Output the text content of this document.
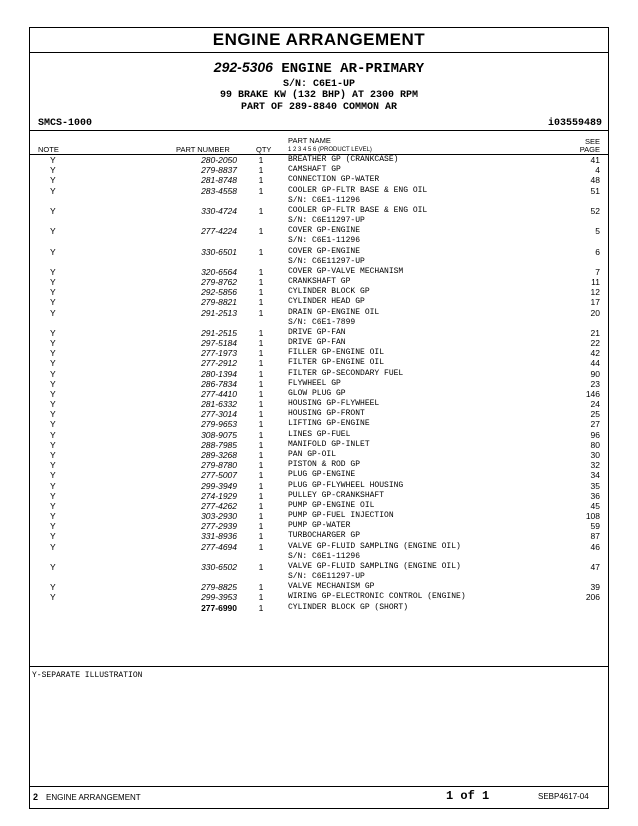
ENGINE ARRANGEMENT
292-5306 ENGINE AR-PRIMARY
S/N: C6E1-UP
99 BRAKE KW (132 BHP) AT 2300 RPM
PART OF 289-8840 COMMON AR
SMCS-1000	i03559489
NOTE	PART NUMBER	QTY
PART NAME
1 2 3 4 5 6 (PRODUCT LEVEL)
SEE
PAGE
Y	280-2050	1	BREATHER GP (CRANKCASE)	41
Y	279-8837	1	CAMSHAFT GP	4
Y	281-8748	1	CONNECTION GP-WATER	48
Y	283-4558	1	COOLER GP-FLTR BASE & ENG OIL	51
S/N: C6E1-11296
Y	330-4724	1	COOLER GP-FLTR BASE & ENG OIL	52
S/N: C6E11297-UP
Y	277-4224	1	COVER GP-ENGINE	5
S/N: C6E1-11296
Y	330-6501	1	COVER GP-ENGINE	6
S/N: C6E11297-UP
Y	320-6564	1	COVER GP-VALVE MECHANISM	7
Y	279-8762	1	CRANKSHAFT GP	11
Y	292-5856	1	CYLINDER BLOCK GP	12
Y	279-8821	1	CYLINDER HEAD GP	17
Y	291-2513	1	DRAIN GP-ENGINE OIL	20
S/N: C6E1-7899
Y	291-2515	1	DRIVE GP-FAN	21
Y	297-5184	1	DRIVE GP-FAN	22
Y	277-1973	1	FILLER GP-ENGINE OIL	42
Y	277-2912	1	FILTER GP-ENGINE OIL	44
Y	280-1394	1	FILTER GP-SECONDARY FUEL	90
Y	286-7834	1	FLYWHEEL GP	23
Y	277-4410	1	GLOW PLUG GP	146
Y	281-6332	1	HOUSING GP-FLYWHEEL	24
Y	277-3014	1	HOUSING GP-FRONT	25
Y	279-9653	1	LIFTING GP-ENGINE	27
Y	308-9075	1	LINES GP-FUEL	96
Y	288-7985	1	MANIFOLD GP-INLET	80
Y	289-3268	1	PAN GP-OIL	30
Y	279-8780	1	PISTON & ROD GP	32
Y	277-5007	1	PLUG GP-ENGINE	34
Y	299-3949	1	PLUG GP-FLYWHEEL HOUSING	35
Y	274-1929	1	PULLEY GP-CRANKSHAFT	36
Y	277-4262	1	PUMP GP-ENGINE OIL	45
Y	303-2930	1	PUMP GP-FUEL INJECTION	108
Y	277-2939	1	PUMP GP-WATER	59
Y	331-8936	1	TURBOCHARGER GP	87
Y	277-4694	1	VALVE GP-FLUID SAMPLING (ENGINE OIL)	46
S/N: C6E1-11296
Y	330-6502	1	VALVE GP-FLUID SAMPLING (ENGINE OIL)	47
S/N: C6E11297-UP
Y	279-8825	1	VALVE MECHANISM GP	39
Y	299-3953	1	WIRING GP-ELECTRONIC CONTROL (ENGINE)	206
277-6990	1	CYLINDER BLOCK GP (SHORT)
Y-SEPARATE ILLUSTRATION
2 ENGINE ARRANGEMENT	1 of 1	SEBP4617-04
